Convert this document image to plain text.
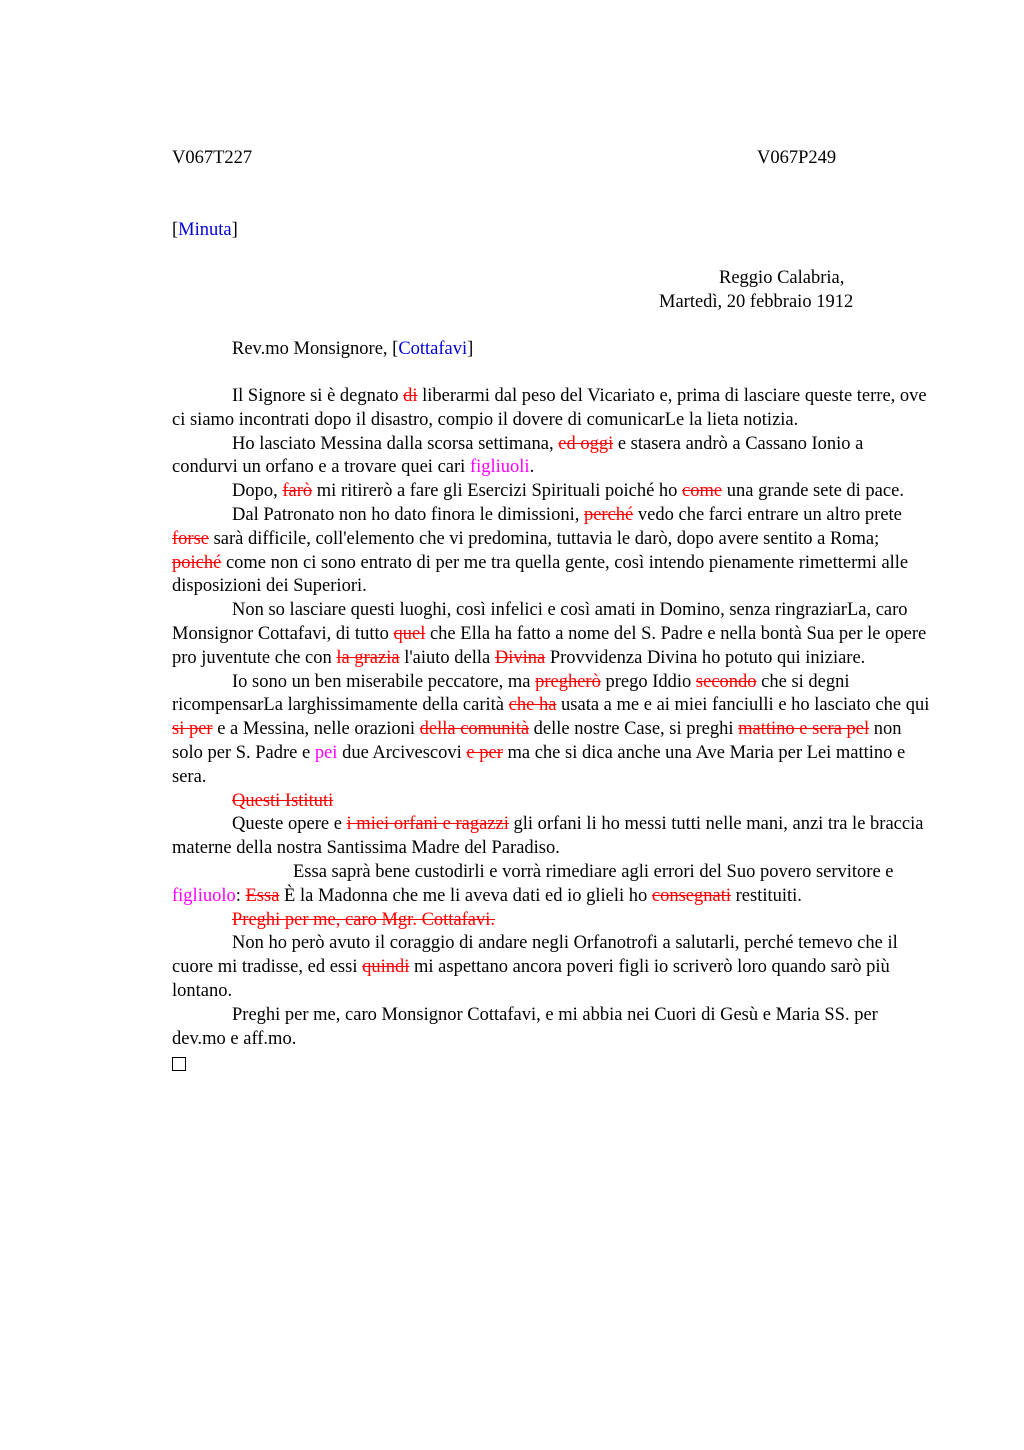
V067T227	V067P249
[Minuta]
Reggio Calabria,
Martedì, 20 febbraio 1912
Rev.mo Monsignore, [Cottafavi]

Il Signore si è degnato di liberarmi dal peso del Vicariato e, prima di lasciare queste terre, ove ci siamo incontrati dopo il disastro, compio il dovere di comunicarLe la lieta notizia.

Ho lasciato Messina dalla scorsa settimana, ed oggi e stasera andrò a Cassano Ionio a condurvi un orfano e a trovare quei cari figliuoli.

Dopo, farò mi ritirerò a fare gli Esercizi Spirituali poiché ho come una grande sete di pace.

Dal Patronato non ho dato finora le dimissioni, perché vedo che farci entrare un altro prete forse sarà difficile, coll'elemento che vi predomina, tuttavia le darò, dopo avere sentito a Roma; poiché come non ci sono entrato di per me tra quella gente, così intendo pienamente rimettermi alle disposizioni dei Superiori.

Non so lasciare questi luoghi, così infelici e così amati in Domino, senza ringraziarLa, caro Monsignor Cottafavi, di tutto quel che Ella ha fatto a nome del S. Padre e nella bontà Sua per le opere pro juventute che con la grazia l'aiuto della Divina Provvidenza Divina ho potuto qui iniziare.

Io sono un ben miserabile peccatore, ma pregherò prego Iddio secondo che si degni ricompensarLa larghissimamente della carità che ha usata a me e ai miei fanciulli e ho lasciato che qui si per e a Messina, nelle orazioni della comunità delle nostre Case, si preghi mattino e sera pel non solo per S. Padre e pei due Arcivescovi e per ma che si dica anche una Ave Maria per Lei mattino e sera.

Questi Istituti

Queste opere e i miei orfani e ragazzi gli orfani li ho messi tutti nelle mani, anzi tra le braccia materne della nostra Santissima Madre del Paradiso.

Essa saprà bene custodirli e vorrà rimediare agli errori del Suo povero servitore e figliuolo: Essa È la Madonna che me li aveva dati ed io glieli ho consegnati restituiti.

Preghi per me, caro Mgr. Cottafavi.

Non ho però avuto il coraggio di andare negli Orfanotrofi a salutarli, perché temevo che il cuore mi tradisse, ed essi quindi mi aspettano ancora poveri figli io scriverò loro quando sarò più lontano.

Preghi per me, caro Monsignor Cottafavi, e mi abbia nei Cuori di Gesù e Maria SS. per dev.mo e aff.mo.
